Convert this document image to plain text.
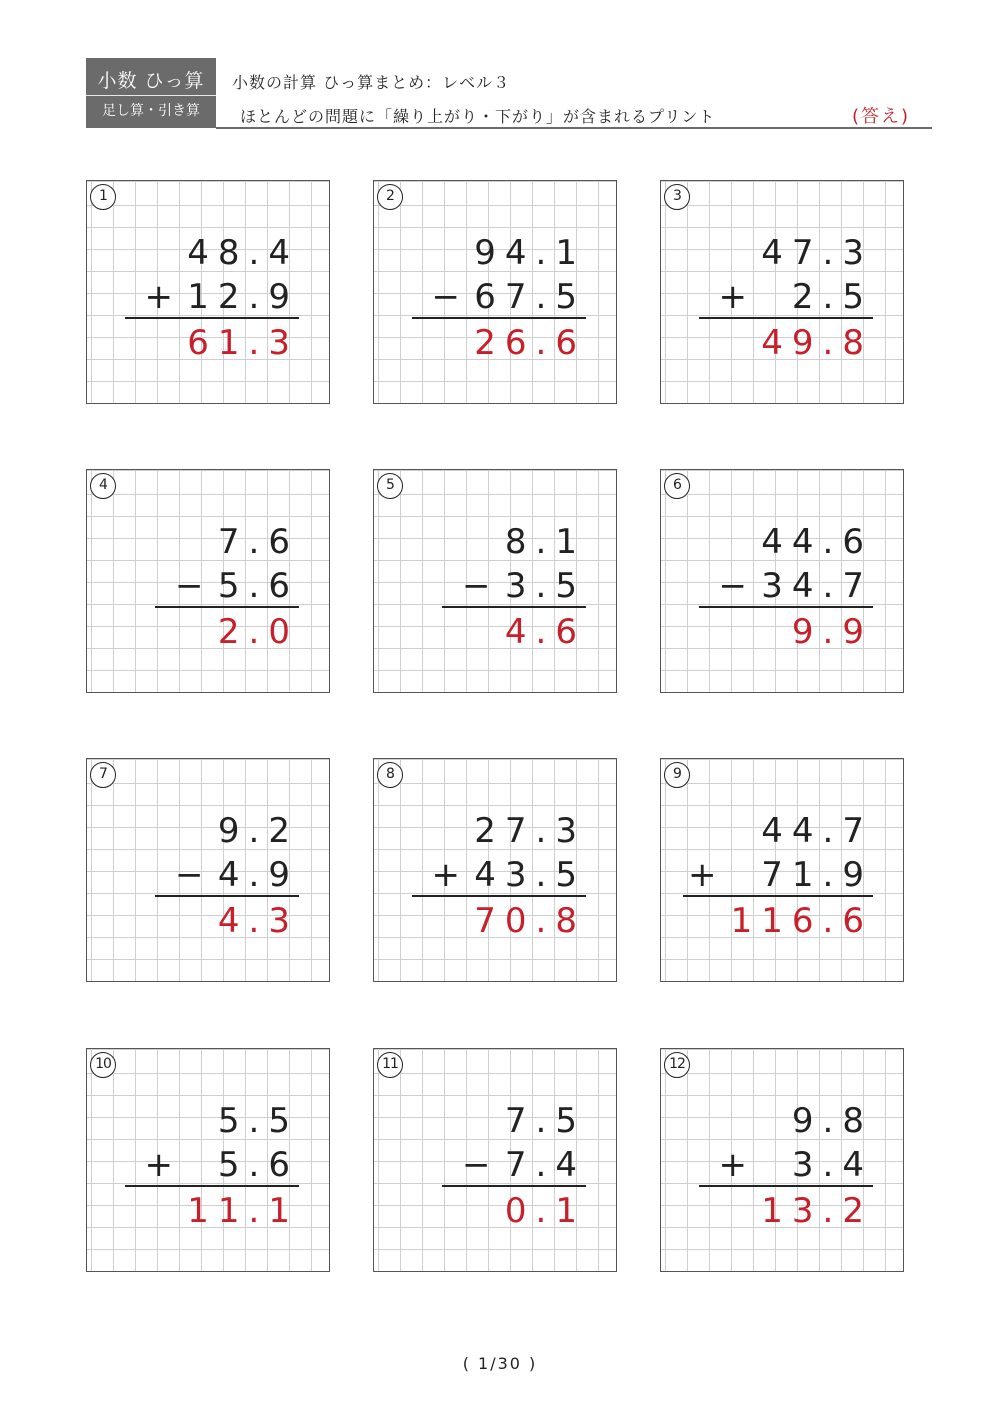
小数 ひっ算
足し算・引き算
小数の計算 ひっ算まとめ：レベル３
ほとんどの問題に「繰り上がり・下がり」が含まれるプリント	(答え)
1
48.4
12.9
+
61.3
2
94.1
67.5
−
26.6
3
47.3
2.5
+
49.8
4
7.6
5.6
−
2.0
5
8.1
3.5
−
4.6
6
44.6
34.7
−
9.9
7
9.2
4.9
−
4.3
8
27.3
43.5
+
70.8
9
44.7
71.9
+
116.6
10
5.5
5.6
+
11.1
11
7.5
7.4
−
0.1
12
9.8
3.4
+
13.2
( 1/30 )
